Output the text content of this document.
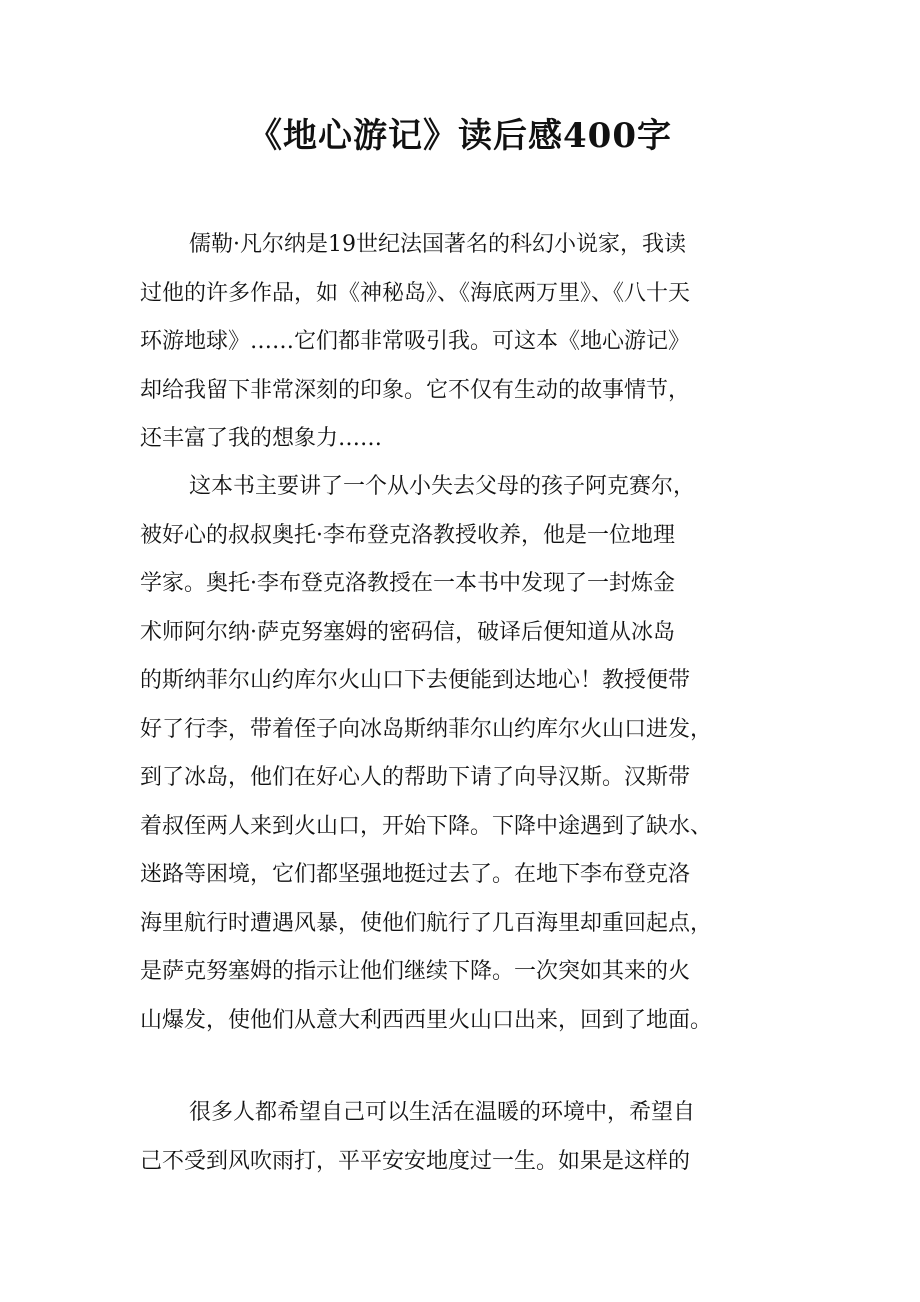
《地心游记》读后感400字
儒勒·凡尔纳是19世纪法国著名的科幻小说家，我读
过他的许多作品，如《神秘岛》、《海底两万里》、《八十天
环游地球》……它们都非常吸引我。可这本《地心游记》
却给我留下非常深刻的印象。它不仅有生动的故事情节，
还丰富了我的想象力……
这本书主要讲了一个从小失去父母的孩子阿克赛尔，
被好心的叔叔奥托·李布登克洛教授收养，他是一位地理
学家。奥托·李布登克洛教授在一本书中发现了一封炼金
术师阿尔纳·萨克努塞姆的密码信，破译后便知道从冰岛
的斯纳菲尔山约库尔火山口下去便能到达地心！教授便带
好了行李，带着侄子向冰岛斯纳菲尔山约库尔火山口进发，
到了冰岛，他们在好心人的帮助下请了向导汉斯。汉斯带
着叔侄两人来到火山口，开始下降。下降中途遇到了缺水、
迷路等困境，它们都坚强地挺过去了。在地下李布登克洛
海里航行时遭遇风暴，使他们航行了几百海里却重回起点，
是萨克努塞姆的指示让他们继续下降。一次突如其来的火
山爆发，使他们从意大利西西里火山口出来，回到了地面。
很多人都希望自己可以生活在温暖的环境中，希望自
己不受到风吹雨打，平平安安地度过一生。如果是这样的
